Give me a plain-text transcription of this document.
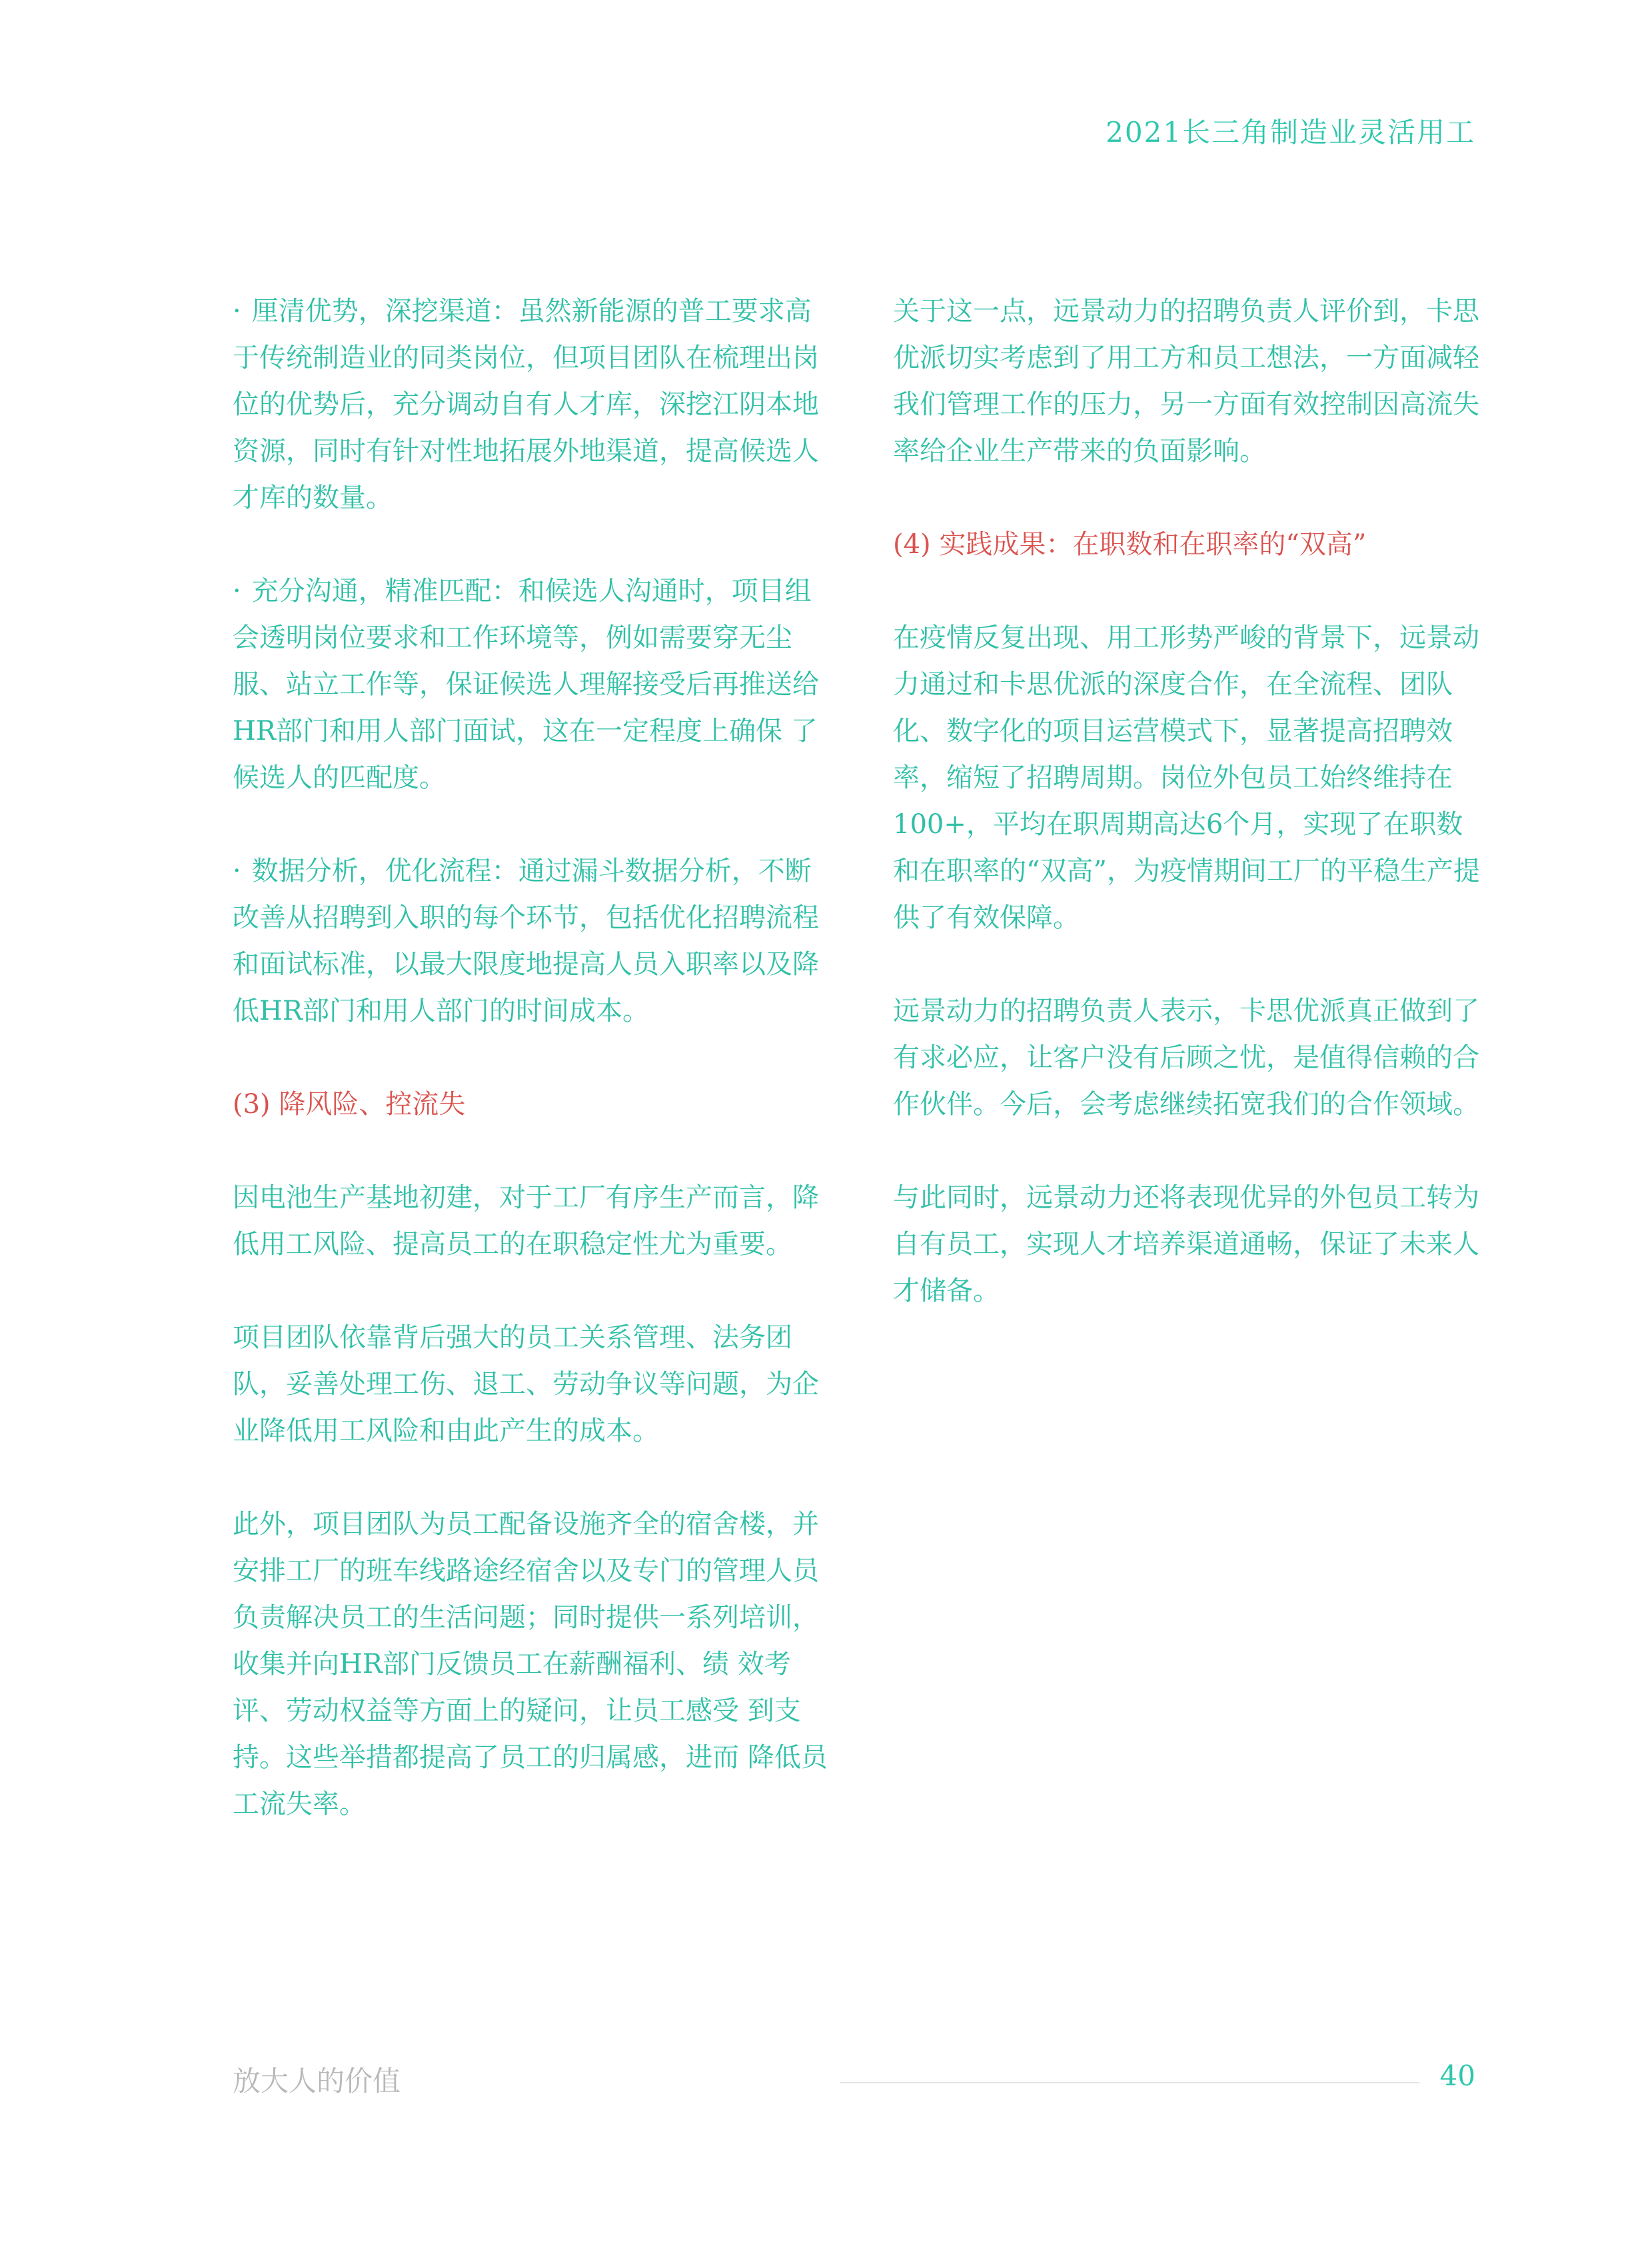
2021长三角制造业灵活用工

· 厘清优势，深挖渠道：虽然新能源的普工要求高于传统制造业的同类岗位，但项目团队在梳理出岗位的优势后，充分调动自有人才库，深挖江阴本地资源，同时有针对性地拓展外地渠道，提高候选人才库的数量。

· 充分沟通，精准匹配：和候选人沟通时，项目组会透明岗位要求和工作环境等，例如需要穿无尘服、站立工作等，保证候选人理解接受后再推送给HR部门和用人部门面试，这在一定程度上确保 了候选人的匹配度。

· 数据分析，优化流程：通过漏斗数据分析，不断改善从招聘到入职的每个环节，包括优化招聘流程和面试标准，以最大限度地提高人员入职率以及降低HR部门和用人部门的时间成本。

(3) 降风险、控流失

因电池生产基地初建，对于工厂有序生产而言，降低用工风险、提高员工的在职稳定性尤为重要。

项目团队依靠背后强大的员工关系管理、法务团队，妥善处理工伤、退工、劳动争议等问题，为企业降低用工风险和由此产生的成本。

此外，项目团队为员工配备设施齐全的宿舍楼，并安排工厂的班车线路途经宿舍以及专门的管理人员负责解决员工的生活问题；同时提供一系列培训，收集并向HR部门反馈员工在薪酬福利、绩 效考评、劳动权益等方面上的疑问，让员工感受 到支持。这些举措都提高了员工的归属感，进而 降低员工流失率。

关于这一点，远景动力的招聘负责人评价到，卡思优派切实考虑到了用工方和员工想法，一方面减轻我们管理工作的压力，另一方面有效控制因高流失率给企业生产带来的负面影响。

(4) 实践成果：在职数和在职率的“双高”

在疫情反复出现、用工形势严峻的背景下，远景动力通过和卡思优派的深度合作，在全流程、团队化、数字化的项目运营模式下，显著提高招聘效率，缩短了招聘周期。岗位外包员工始终维持在100+，平均在职周期高达6个月，实现了在职数和在职率的“双高”，为疫情期间工厂的平稳生产提供了有效保障。

远景动力的招聘负责人表示，卡思优派真正做到了有求必应，让客户没有后顾之忧，是值得信赖的合作伙伴。今后，会考虑继续拓宽我们的合作领域。

与此同时，远景动力还将表现优异的外包员工转为自有员工，实现人才培养渠道通畅，保证了未来人才储备。

放大人的价值	40
